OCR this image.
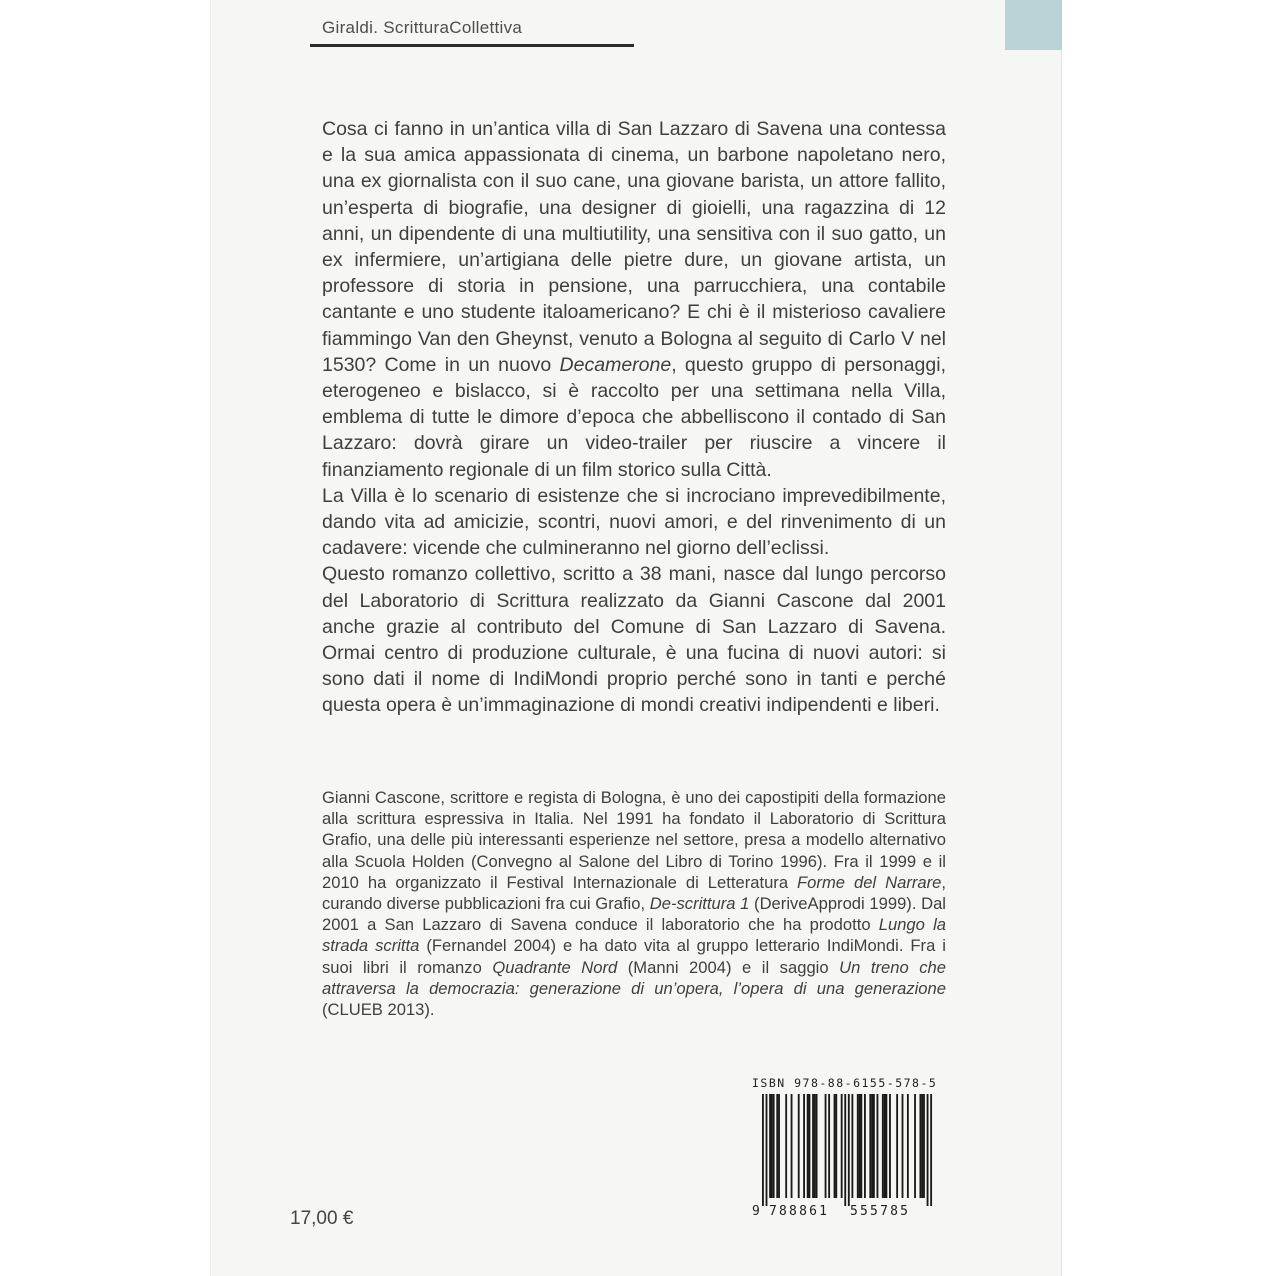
Giraldi. ScritturaCollettiva

Cosa ci fanno in un’antica villa di San Lazzaro di Savena una contessa e la sua amica appassionata di cinema, un barbone napoletano nero, una ex giornalista con il suo cane, una giovane barista, un attore fallito, un’esperta di biografie, una designer di gioielli, una ragazzina di 12 anni, un dipendente di una multiutility, una sensitiva con il suo gatto, un ex infermiere, un’artigiana delle pietre dure, un giovane artista, un professore di storia in pensione, una parrucchiera, una contabile cantante e uno studente italoamericano? E chi è il misterioso cavaliere fiammingo Van den Gheynst, venuto a Bologna al seguito di Carlo V nel 1530? Come in un nuovo Decamerone, questo gruppo di personaggi, eterogeneo e bislacco, si è raccolto per una settimana nella Villa, emblema di tutte le dimore d’epoca che abbelliscono il contado di San Lazzaro: dovrà girare un video-trailer per riuscire a vincere il finanziamento regionale di un film storico sulla Città.

La Villa è lo scenario di esistenze che si incrociano imprevedibilmente, dando vita ad amicizie, scontri, nuovi amori, e del rinvenimento di un cadavere: vicende che culmineranno nel giorno dell’eclissi.

Questo romanzo collettivo, scritto a 38 mani, nasce dal lungo percorso del Laboratorio di Scrittura realizzato da Gianni Cascone dal 2001 anche grazie al contributo del Comune di San Lazzaro di Savena. Ormai centro di produzione culturale, è una fucina di nuovi autori: si sono dati il nome di IndiMondi proprio perché sono in tanti e perché questa opera è un’immaginazione di mondi creativi indipendenti e liberi.

Gianni Cascone, scrittore e regista di Bologna, è uno dei capostipiti della formazione alla scrittura espressiva in Italia. Nel 1991 ha fondato il Laboratorio di Scrittura Grafio, una delle più interessanti esperienze nel settore, presa a modello alternativo alla Scuola Holden (Convegno al Salone del Libro di Torino 1996). Fra il 1999 e il 2010 ha organizzato il Festival Internazionale di Letteratura Forme del Narrare, curando diverse pubblicazioni fra cui Grafio, De-scrittura 1 (DeriveApprodi 1999). Dal 2001 a San Lazzaro di Savena conduce il laboratorio che ha prodotto Lungo la strada scritta (Fernandel 2004) e ha dato vita al gruppo letterario IndiMondi. Fra i suoi libri il romanzo Quadrante Nord (Manni 2004) e il saggio Un treno che attraversa la democrazia: generazione di un’opera, l’opera di una generazione (CLUEB 2013).

ISBN 978-88-6155-578-5
9 788861 555785
17,00 €
